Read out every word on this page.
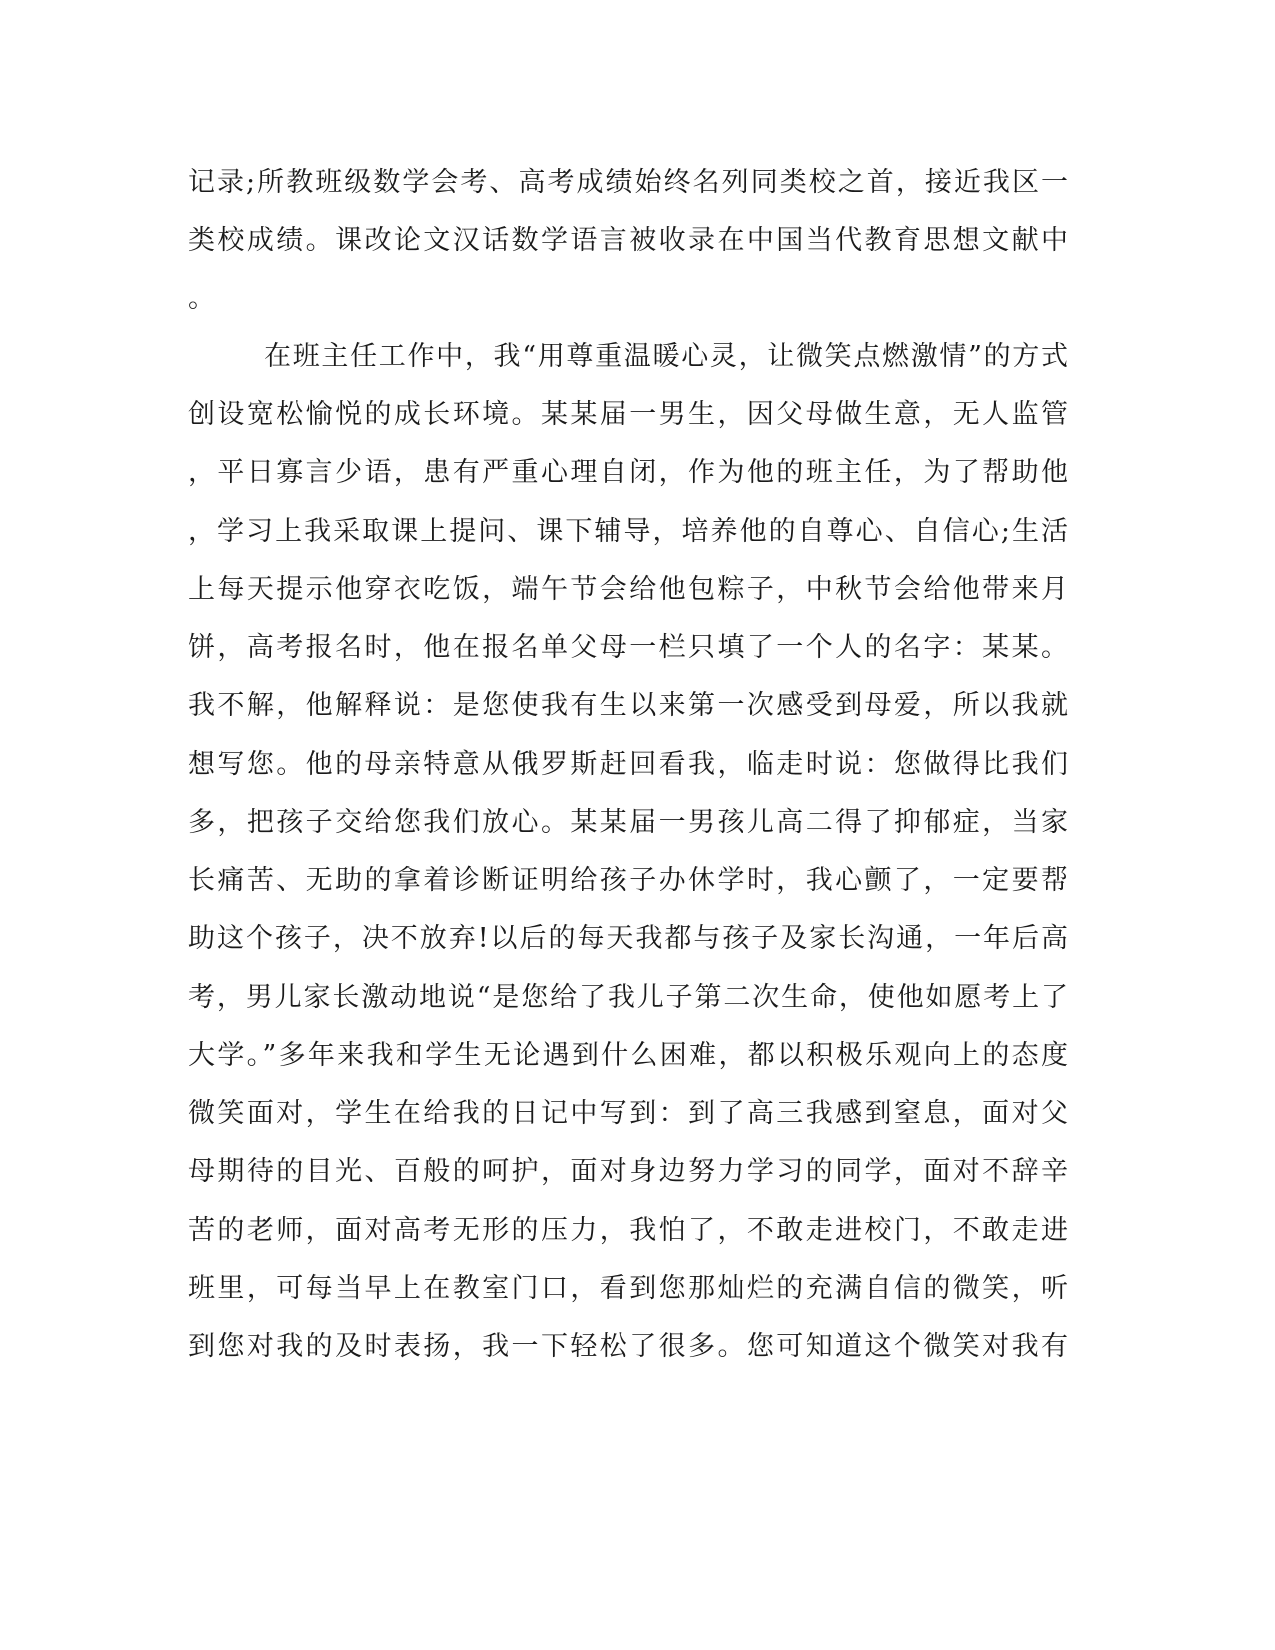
记录;所教班级数学会考、高考成绩始终名列同类校之首，接近我区一
类校成绩。课改论文汉话数学语言被收录在中国当代教育思想文献中
。
在班主任工作中，我“用尊重温暖心灵，让微笑点燃激情”的方式
创设宽松愉悦的成长环境。某某届一男生，因父母做生意，无人监管
，平日寡言少语，患有严重心理自闭，作为他的班主任，为了帮助他
，学习上我采取课上提问、课下辅导，培养他的自尊心、自信心;生活
上每天提示他穿衣吃饭，端午节会给他包粽子，中秋节会给他带来月
饼，高考报名时，他在报名单父母一栏只填了一个人的名字：某某。
我不解，他解释说：是您使我有生以来第一次感受到母爱，所以我就
想写您。他的母亲特意从俄罗斯赶回看我，临走时说：您做得比我们
多，把孩子交给您我们放心。某某届一男孩儿高二得了抑郁症，当家
长痛苦、无助的拿着诊断证明给孩子办休学时，我心颤了，一定要帮
助这个孩子，决不放弃!以后的每天我都与孩子及家长沟通，一年后高
考，男儿家长激动地说“是您给了我儿子第二次生命，使他如愿考上了
大学。”多年来我和学生无论遇到什么困难，都以积极乐观向上的态度
微笑面对，学生在给我的日记中写到：到了高三我感到窒息，面对父
母期待的目光、百般的呵护，面对身边努力学习的同学，面对不辞辛
苦的老师，面对高考无形的压力，我怕了，不敢走进校门，不敢走进
班里，可每当早上在教室门口，看到您那灿烂的充满自信的微笑，听
到您对我的及时表扬，我一下轻松了很多。您可知道这个微笑对我有
